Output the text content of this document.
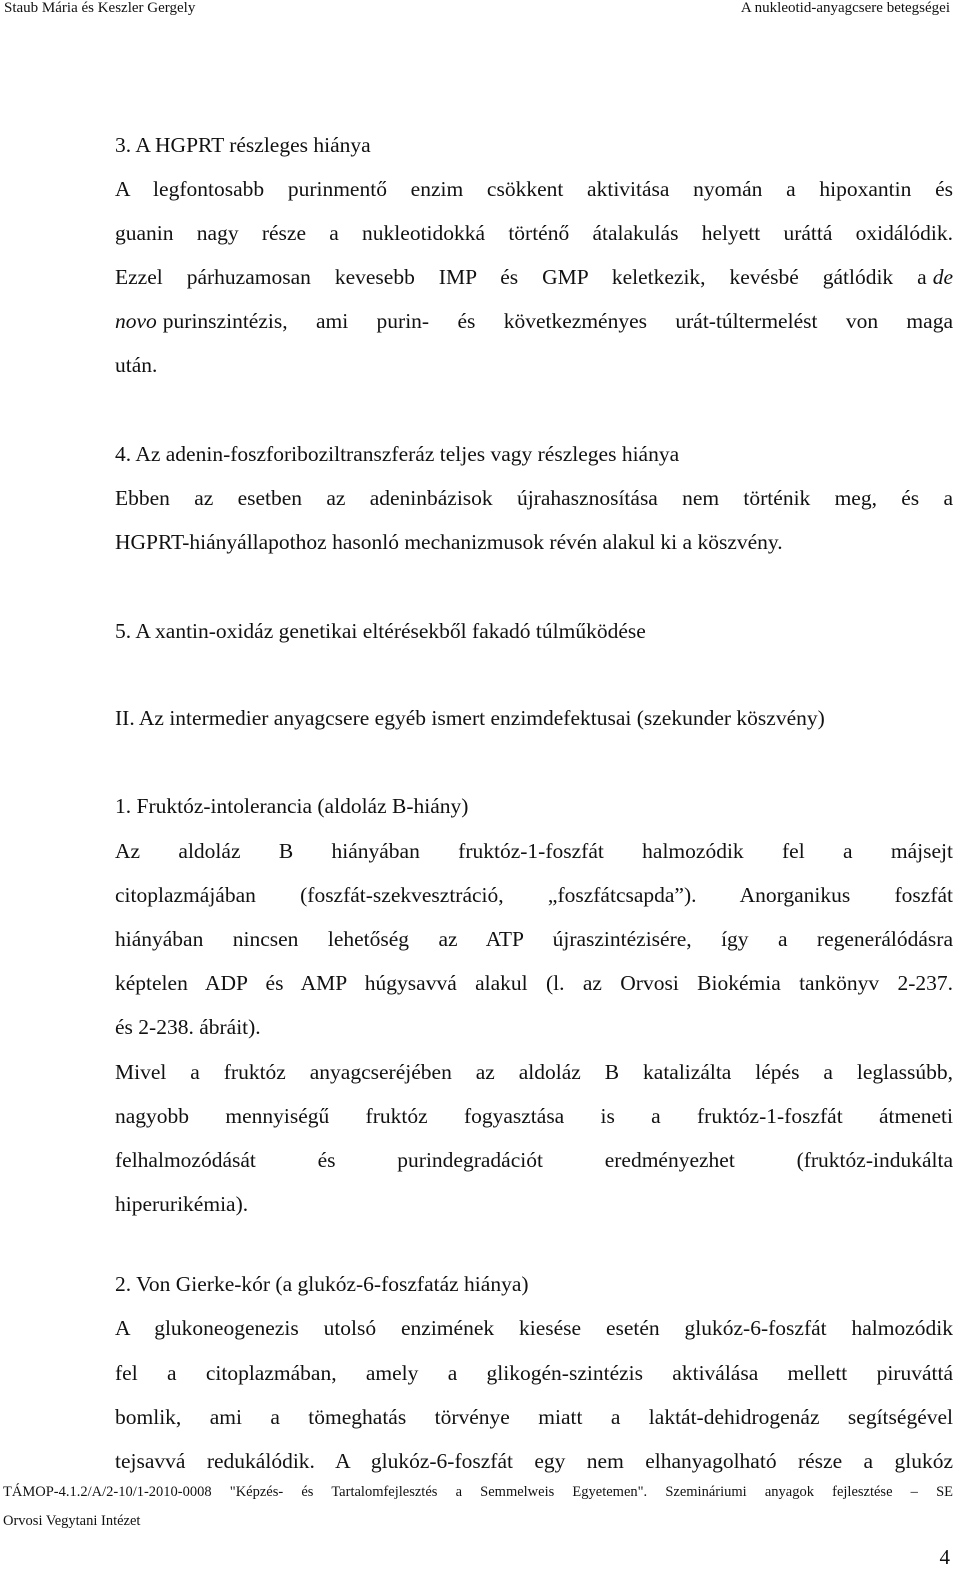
Staub Mária és Keszler Gergely	A nukleotid-anyagcsere betegségei
3. A HGPRT részleges hiánya
A legfontosabb purinmentő enzim csökkent aktivitása nyomán a hipoxantin és
guanin nagy része a nukleotidokká történő átalakulás helyett uráttá oxidálódik.
Ezzel párhuzamosan kevesebb IMP és GMP keletkezik, kevésbé gátlódik a de
novo purinszintézis, ami purin- és következményes urát-túltermelést von maga
után.
4. Az adenin-foszforiboziltranszferáz teljes vagy részleges hiánya
Ebben az esetben az adeninbázisok újrahasznosítása nem történik meg, és a
HGPRT-hiányállapothoz hasonló mechanizmusok révén alakul ki a köszvény.
5. A xantin-oxidáz genetikai eltérésekből fakadó túlműködése
II. Az intermedier anyagcsere egyéb ismert enzimdefektusai (szekunder köszvény)
1. Fruktóz-intolerancia (aldoláz B-hiány)
Az aldoláz B hiányában fruktóz-1-foszfát halmozódik fel a májsejt
citoplazmájában (foszfát-szekvesztráció, „foszfátcsapda”). Anorganikus foszfát
hiányában nincsen lehetőség az ATP újraszintézisére, így a regenerálódásra
képtelen ADP és AMP húgysavvá alakul (l. az Orvosi Biokémia tankönyv 2-237.
és 2-238. ábráit).
Mivel a fruktóz anyagcseréjében az aldoláz B katalizálta lépés a leglassúbb,
nagyobb mennyiségű fruktóz fogyasztása is a fruktóz-1-foszfát átmeneti
felhalmozódását és purindegradációt eredményezhet (fruktóz-indukálta
hiperurikémia).
2. Von Gierke-kór (a glukóz-6-foszfatáz hiánya)
A glukoneogenezis utolsó enzimének kiesése esetén glukóz-6-foszfát halmozódik
fel a citoplazmában, amely a glikogén-szintézis aktiválása mellett piruváttá
bomlik, ami a tömeghatás törvénye miatt a laktát-dehidrogenáz segítségével
tejsavvá redukálódik. A glukóz-6-foszfát egy nem elhanyagolható része a glukóz
TÁMOP-4.1.2/A/2-10/1-2010-0008 "Képzés- és Tartalomfejlesztés a Semmelweis Egyetemen". Szemináriumi anyagok fejlesztése – SE
Orvosi Vegytani Intézet
4
